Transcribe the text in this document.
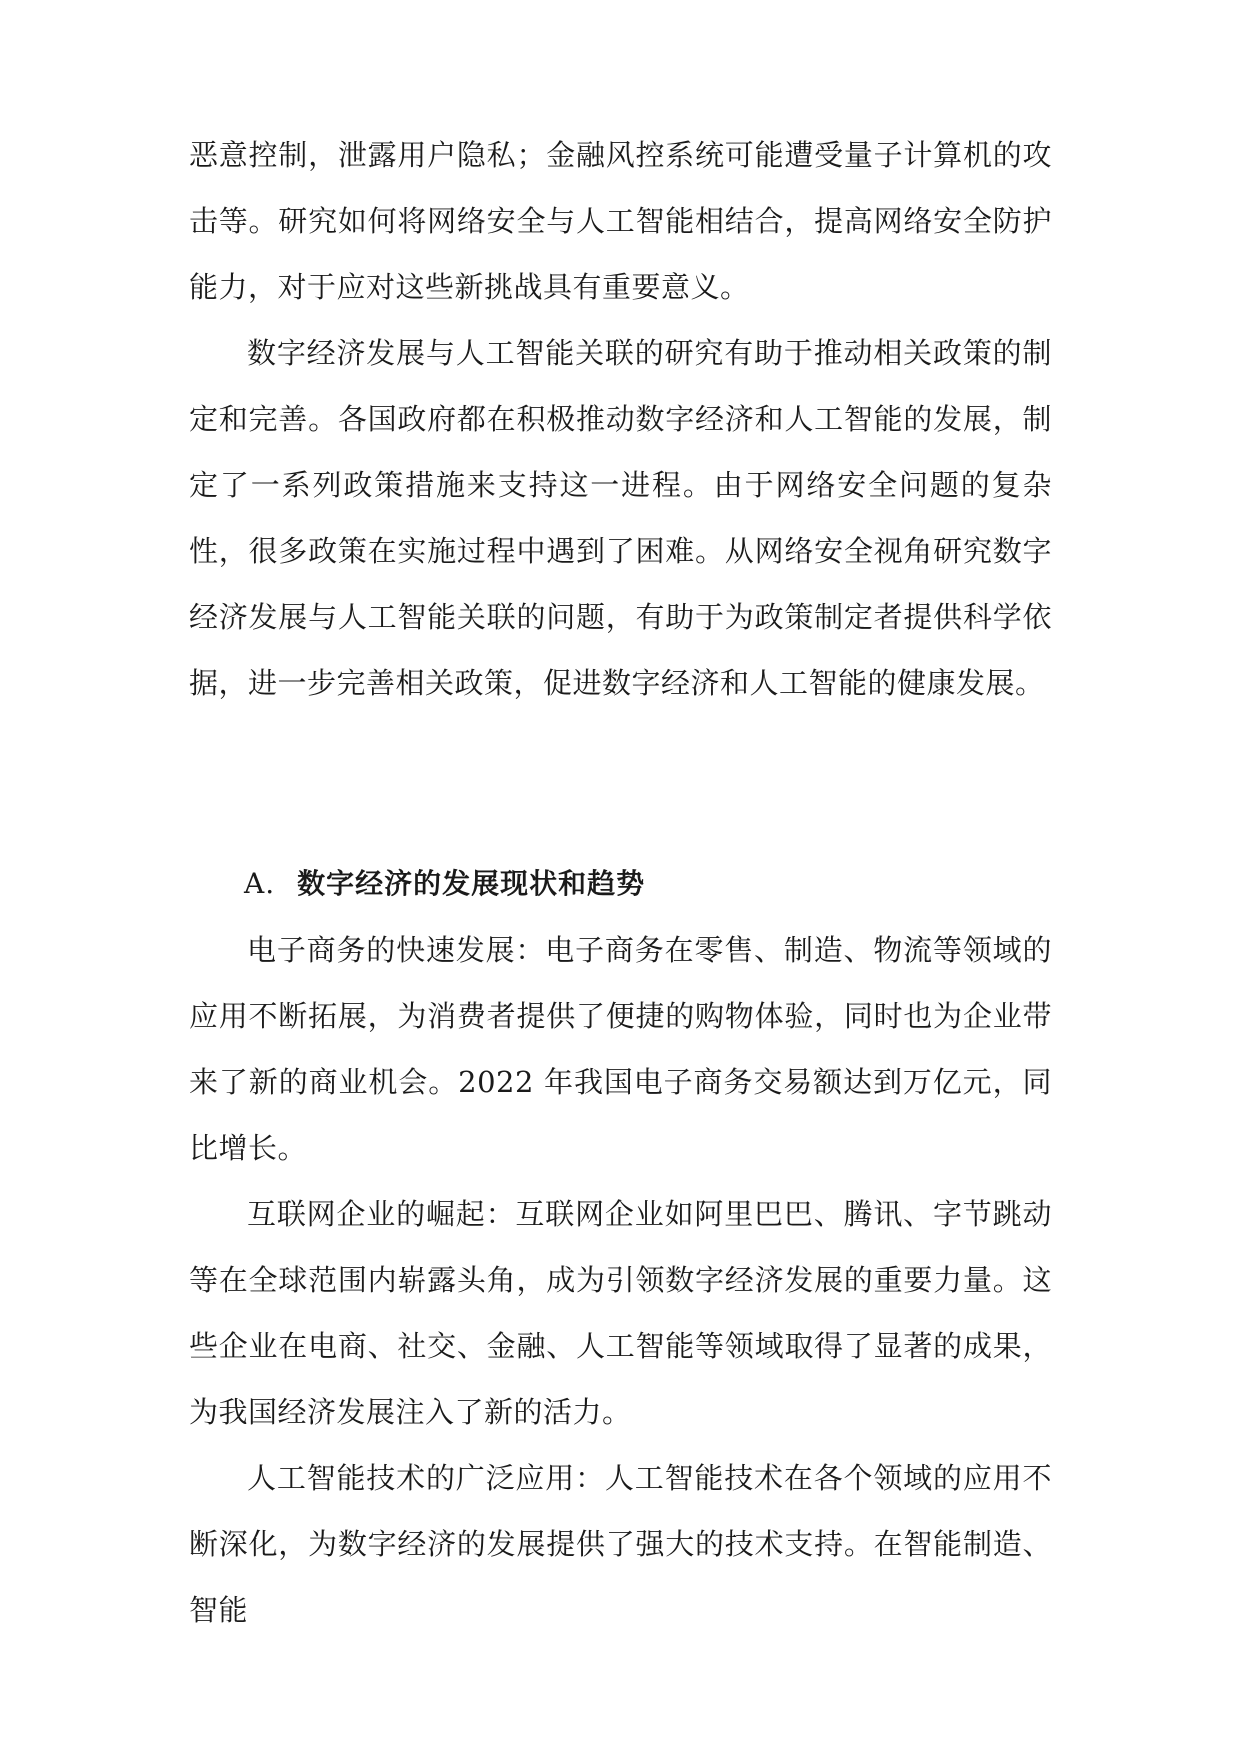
恶意控制，泄露用户隐私；金融风控系统可能遭受量子计算机的攻击等。研究如何将网络安全与人工智能相结合，提高网络安全防护能力，对于应对这些新挑战具有重要意义。

数字经济发展与人工智能关联的研究有助于推动相关政策的制定和完善。各国政府都在积极推动数字经济和人工智能的发展，制定了一系列政策措施来支持这一进程。由于网络安全问题的复杂性，很多政策在实施过程中遇到了困难。从网络安全视角研究数字经济发展与人工智能关联的问题，有助于为政策制定者提供科学依据，进一步完善相关政策，促进数字经济和人工智能的健康发展。

A. 数字经济的发展现状和趋势

电子商务的快速发展：电子商务在零售、制造、物流等领域的应用不断拓展，为消费者提供了便捷的购物体验，同时也为企业带来了新的商业机会。2022 年我国电子商务交易额达到万亿元，同比增长。

互联网企业的崛起：互联网企业如阿里巴巴、腾讯、字节跳动等在全球范围内崭露头角，成为引领数字经济发展的重要力量。这些企业在电商、社交、金融、人工智能等领域取得了显著的成果，为我国经济发展注入了新的活力。

人工智能技术的广泛应用：人工智能技术在各个领域的应用不断深化，为数字经济的发展提供了强大的技术支持。在智能制造、智能
